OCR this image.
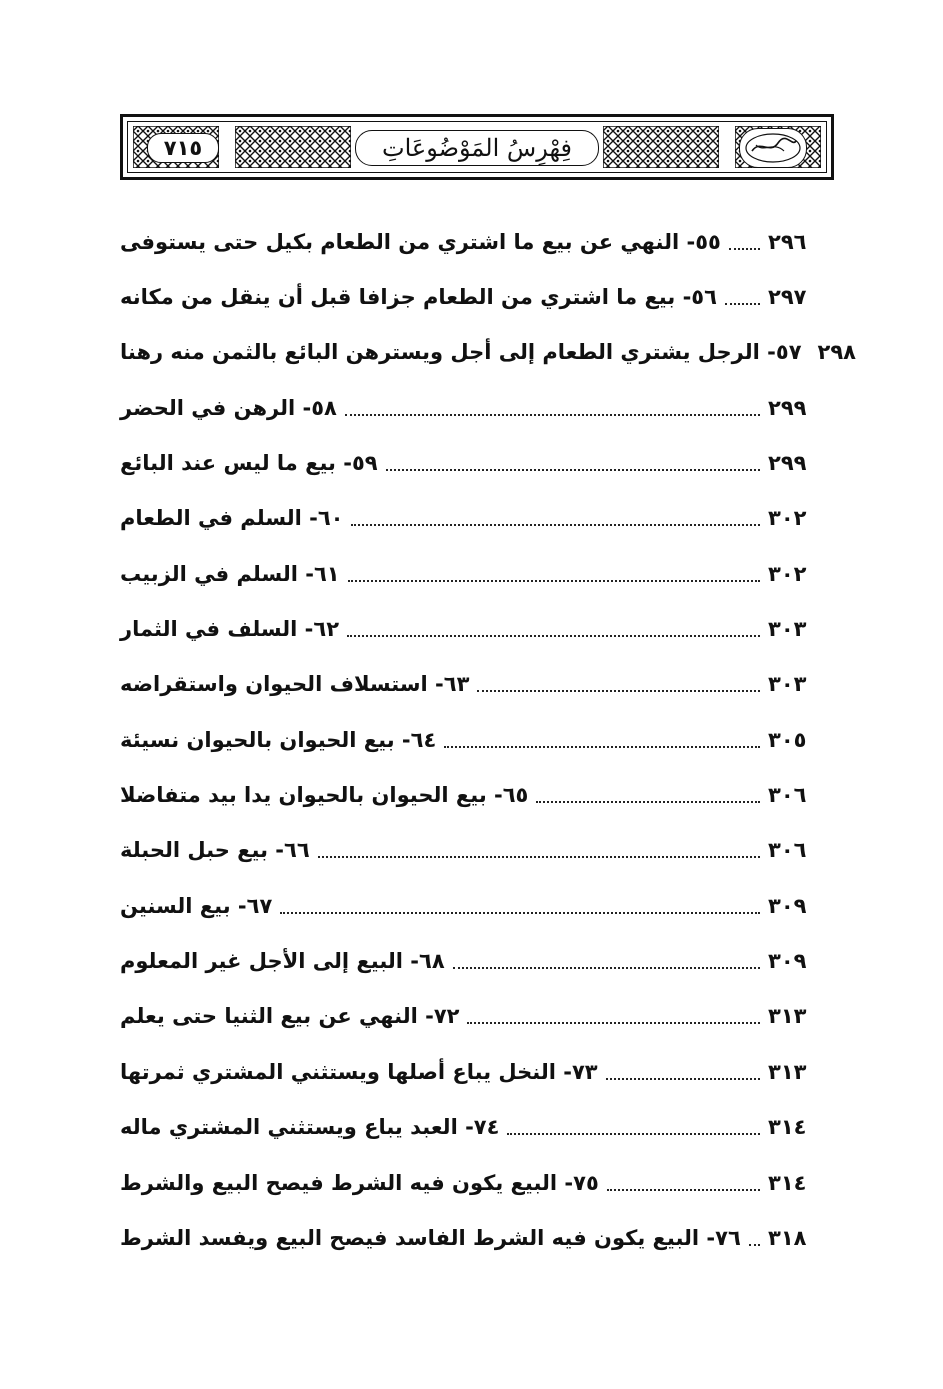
٧١٥	فِهْرِسُ المَوْضُوعَاتِ
٥٥- النهي عن بيع ما اشتري من الطعام بكيل حتى يستوفى ٢٩٦
٥٦- بيع ما اشتري من الطعام جزافا قبل أن ينقل من مكانه ٢٩٧
٥٧- الرجل يشتري الطعام إلى أجل ويسترهن البائع بالثمن منه رهنا ٢٩٨
٥٨- الرهن في الحضر	٢٩٩
٥٩- بيع ما ليس عند البائع	٢٩٩
٦٠- السلم في الطعام	٣٠٢
٦١- السلم في الزبيب	٣٠٢
٦٢- السلف في الثمار	٣٠٣
٦٣- استسلاف الحيوان واستقراضه	٣٠٣
٦٤- بيع الحيوان بالحيوان نسيئة	٣٠٥
٦٥- بيع الحيوان بالحيوان يدا بيد متفاضلا	٣٠٦
٦٦- بيع حبل الحبلة	٣٠٦
٦٧- بيع السنين	٣٠٩
٦٨- البيع إلى الأجل غير المعلوم	٣٠٩
٧٢- النهي عن بيع الثنيا حتى يعلم	٣١٣
٧٣- النخل يباع أصلها ويستثني المشتري ثمرتها	٣١٣
٧٤- العبد يباع ويستثني المشتري ماله	٣١٤
٧٥- البيع يكون فيه الشرط فيصح البيع والشرط	٣١٤
٧٦- البيع يكون فيه الشرط الفاسد فيصح البيع ويفسد الشرط ٣١٨
